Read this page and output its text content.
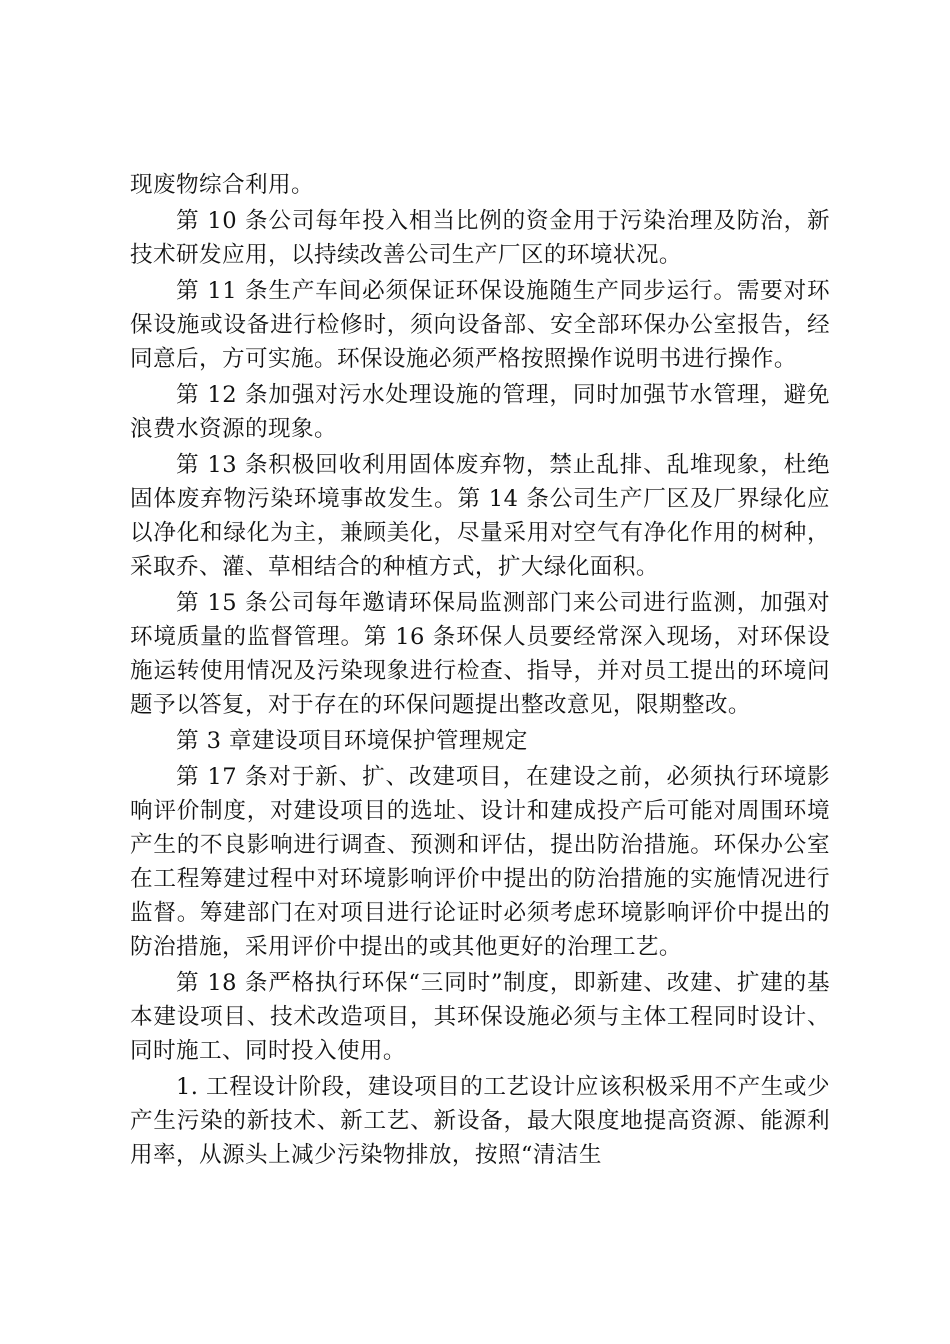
现废物综合利用。

第 10 条公司每年投入相当比例的资金用于污染治理及防治，新技术研发应用，以持续改善公司生产厂区的环境状况。

第 11 条生产车间必须保证环保设施随生产同步运行。需要对环保设施或设备进行检修时，须向设备部、安全部环保办公室报告，经同意后，方可实施。环保设施必须严格按照操作说明书进行操作。

第 12 条加强对污水处理设施的管理，同时加强节水管理，避免浪费水资源的现象。

第 13 条积极回收利用固体废弃物，禁止乱排、乱堆现象，杜绝固体废弃物污染环境事故发生。第 14 条公司生产厂区及厂界绿化应以净化和绿化为主，兼顾美化，尽量采用对空气有净化作用的树种，采取乔、灌、草相结合的种植方式，扩大绿化面积。

第 15 条公司每年邀请环保局监测部门来公司进行监测，加强对环境质量的监督管理。第 16 条环保人员要经常深入现场，对环保设施运转使用情况及污染现象进行检查、指导，并对员工提出的环境问题予以答复，对于存在的环保问题提出整改意见，限期整改。

第 3 章建设项目环境保护管理规定

第 17 条对于新、扩、改建项目，在建设之前，必须执行环境影响评价制度，对建设项目的选址、设计和建成投产后可能对周围环境产生的不良影响进行调查、预测和评估，提出防治措施。环保办公室在工程筹建过程中对环境影响评价中提出的防治措施的实施情况进行监督。筹建部门在对项目进行论证时必须考虑环境影响评价中提出的防治措施，采用评价中提出的或其他更好的治理工艺。

第 18 条严格执行环保“三同时”制度，即新建、改建、扩建的基本建设项目、技术改造项目，其环保设施必须与主体工程同时设计、同时施工、同时投入使用。

1. 工程设计阶段，建设项目的工艺设计应该积极采用不产生或少产生污染的新技术、新工艺、新设备，最大限度地提高资源、能源利用率，从源头上减少污染物排放，按照“清洁生
